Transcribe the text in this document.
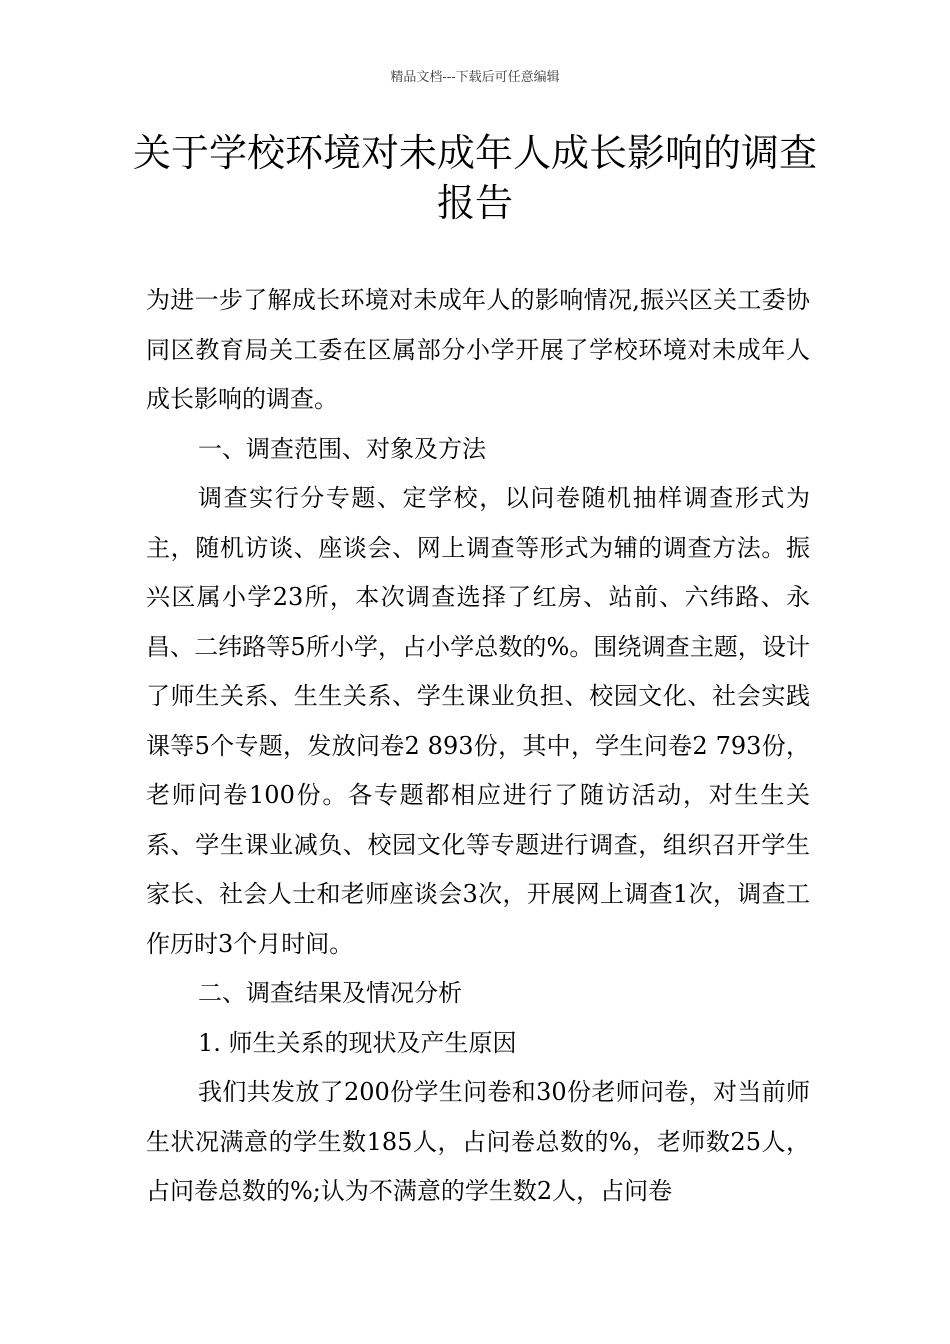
精品文档---下载后可任意编辑
关于学校环境对未成年人成长影响的调查报告

为进一步了解成长环境对未成年人的影响情况,振兴区关工委协同区教育局关工委在区属部分小学开展了学校环境对未成年人成长影响的调查。

一、调查范围、对象及方法

调查实行分专题、定学校，以问卷随机抽样调查形式为主，随机访谈、座谈会、网上调查等形式为辅的调查方法。振兴区属小学23所，本次调查选择了红房、站前、六纬路、永昌、二纬路等5所小学，占小学总数的%。围绕调查主题，设计了师生关系、生生关系、学生课业负担、校园文化、社会实践课等5个专题，发放问卷2 893份，其中，学生问卷2 793份，老师问卷100份。各专题都相应进行了随访活动，对生生关系、学生课业减负、校园文化等专题进行调查，组织召开学生家长、社会人士和老师座谈会3次，开展网上调查1次，调查工作历时3个月时间。

二、调查结果及情况分析

1. 师生关系的现状及产生原因

我们共发放了200份学生问卷和30份老师问卷，对当前师生状况满意的学生数185人，占问卷总数的%，老师数25人，占问卷总数的%;认为不满意的学生数2人，占问卷
